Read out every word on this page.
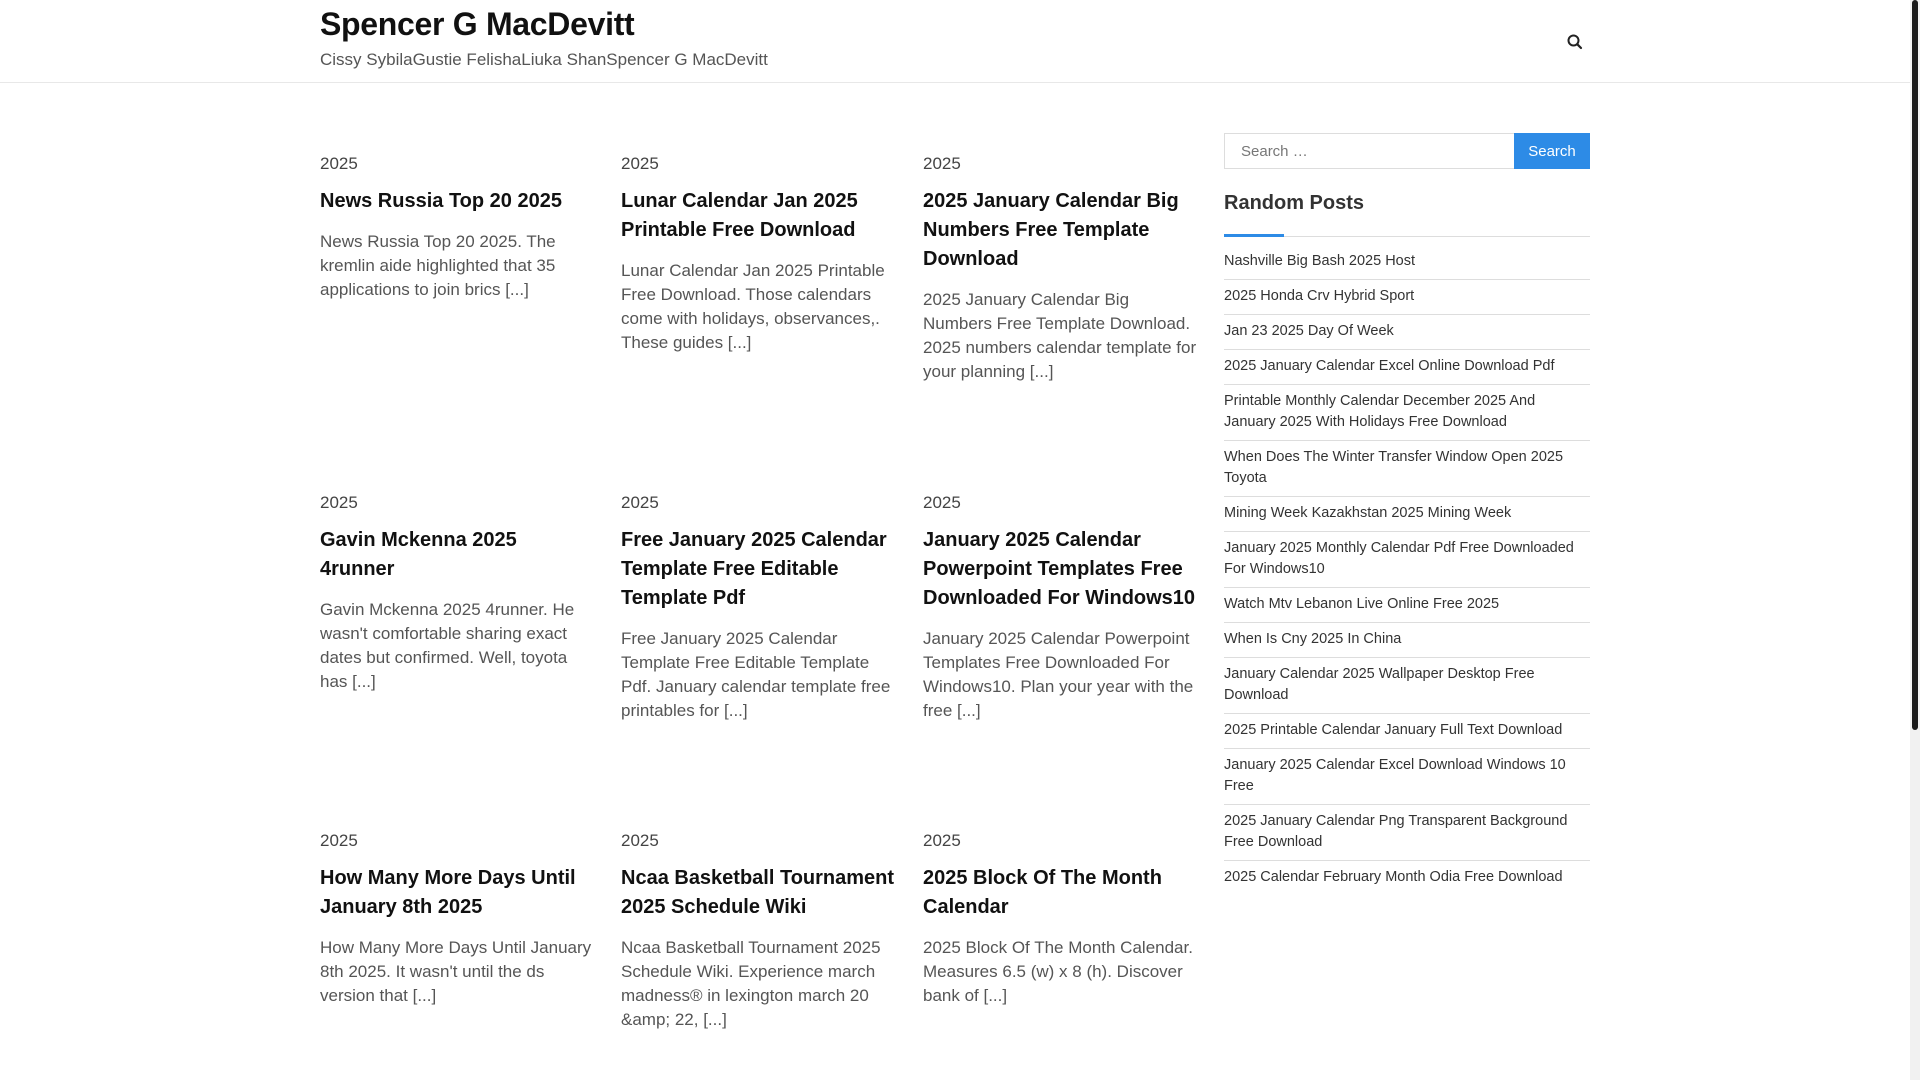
Spencer G MacDevitt

Cissy SybilaGustie FelishaLiuka ShanSpencer G MacDevitt

2025
News Russia Top 20 2025

News Russia Top 20 2025. The kremlin aide highlighted that 35 applications to join brics [...]

2025
Lunar Calendar Jan 2025 Printable Free Download

Lunar Calendar Jan 2025 Printable Free Download. Those calendars come with holidays, observances,. These guides [...]

2025
2025 January Calendar Big Numbers Free Template Download

2025 January Calendar Big Numbers Free Template Download. 2025 numbers calendar template for your planning [...]

2025
Gavin Mckenna 2025 4runner

Gavin Mckenna 2025 4runner. He wasn't comfortable sharing exact dates but confirmed. Well, toyota has [...]

2025
Free January 2025 Calendar Template Free Editable Template Pdf

Free January 2025 Calendar Template Free Editable Template Pdf. January calendar template free printables for [...]

2025
January 2025 Calendar Powerpoint Templates Free Downloaded For Windows10

January 2025 Calendar Powerpoint Templates Free Downloaded For Windows10. Plan your year with the free [...]

2025
How Many More Days Until January 8th 2025

How Many More Days Until January 8th 2025. It wasn't until the ds version that [...]

2025
Ncaa Basketball Tournament 2025 Schedule Wiki

Ncaa Basketball Tournament 2025 Schedule Wiki. Experience march madness® in lexington march 20 &amp; 22, [...]

2025
2025 Block Of The Month Calendar

2025 Block Of The Month Calendar. Measures 6.5 (w) x 8 (h). Discover bank of [...]

Search …
Search
Random Posts
Nashville Big Bash 2025 Host
2025 Honda Crv Hybrid Sport
Jan 23 2025 Day Of Week
2025 January Calendar Excel Online Download Pdf
Printable Monthly Calendar December 2025 And January 2025 With Holidays Free Download
When Does The Winter Transfer Window Open 2025 Toyota
Mining Week Kazakhstan 2025 Mining Week
January 2025 Monthly Calendar Pdf Free Downloaded For Windows10
Watch Mtv Lebanon Live Online Free 2025
When Is Cny 2025 In China
January Calendar 2025 Wallpaper Desktop Free Download
2025 Printable Calendar January Full Text Download
January 2025 Calendar Excel Download Windows 10 Free
2025 January Calendar Png Transparent Background Free Download
2025 Calendar February Month Odia Free Download
